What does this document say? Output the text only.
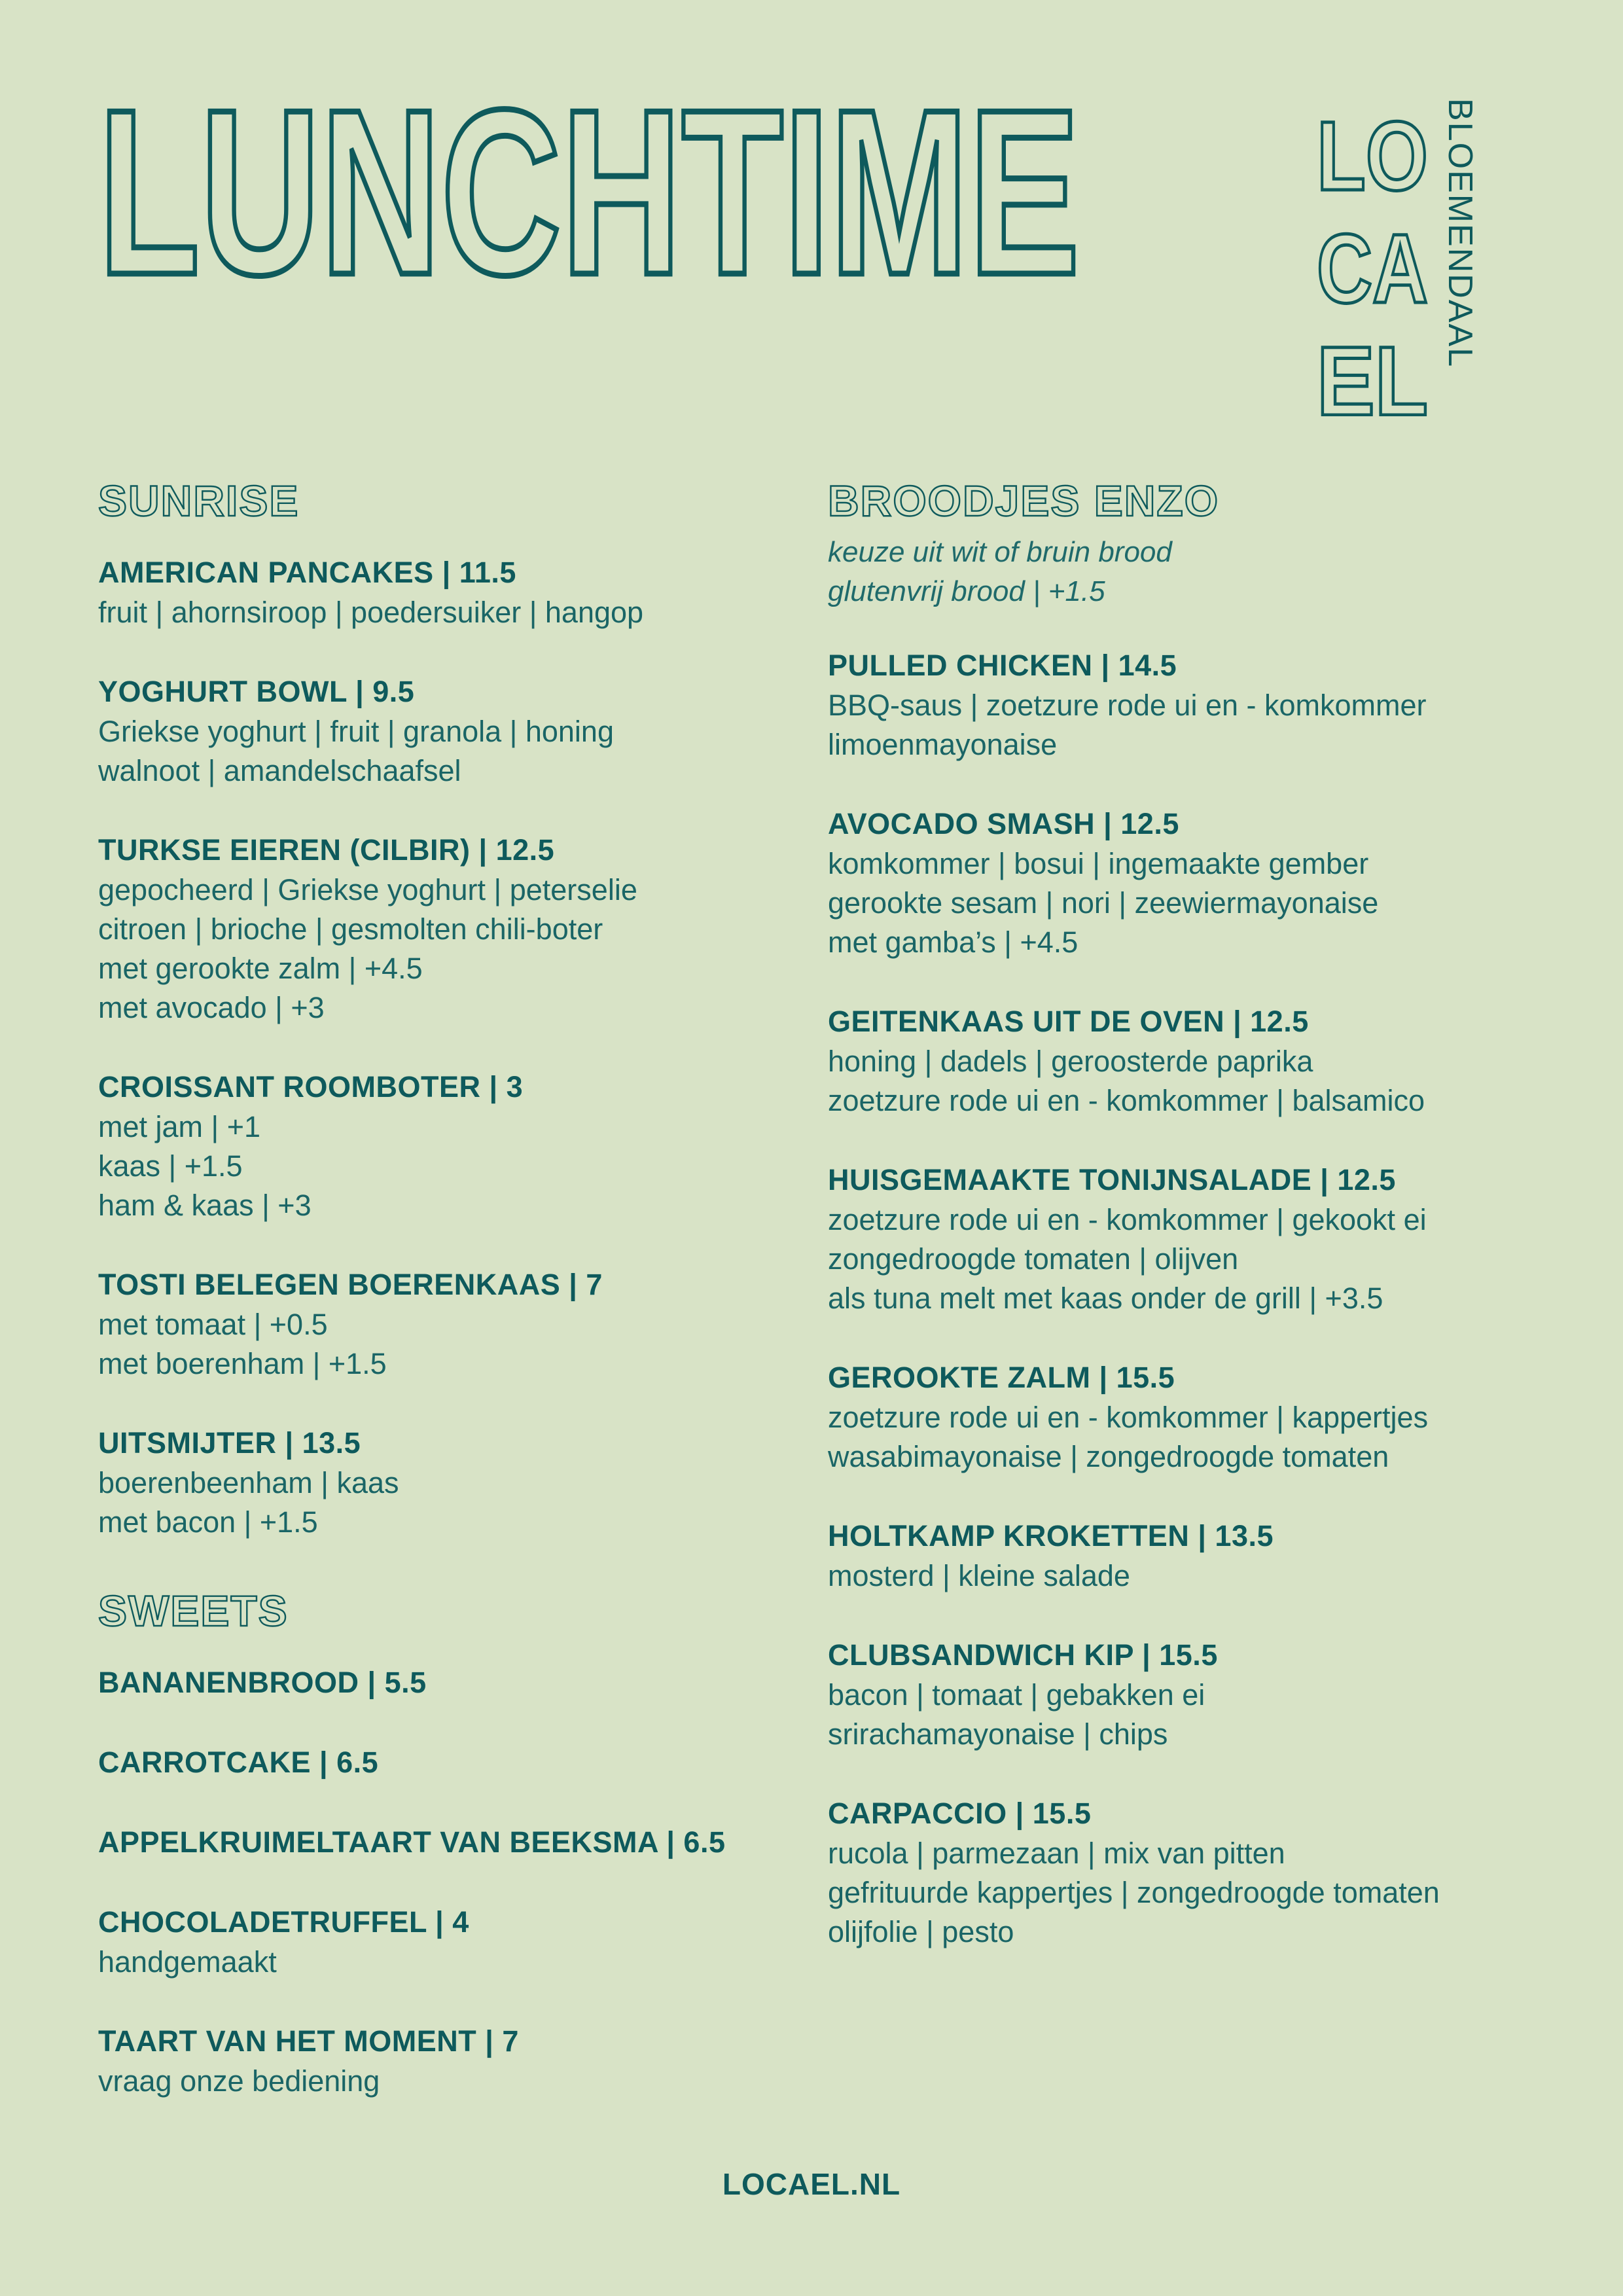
LUNCHTIME LO
CA
EL
BLOEMENDAAL
SUNRISE
AMERICAN PANCAKES | 11.5
fruit | ahornsiroop | poedersuiker | hangop
YOGHURT BOWL | 9.5
Griekse yoghurt | fruit | granola | honing
walnoot | amandelschaafsel
TURKSE EIEREN (CILBIR) | 12.5
gepocheerd | Griekse yoghurt | peterselie
citroen | brioche | gesmolten chili-boter
met gerookte zalm | +4.5
met avocado | +3
CROISSANT ROOMBOTER | 3
met jam | +1
kaas | +1.5
ham & kaas | +3
TOSTI BELEGEN BOERENKAAS | 7
met tomaat | +0.5
met boerenham | +1.5
UITSMIJTER | 13.5
boerenbeenham | kaas
met bacon | +1.5
SWEETS
BANANENBROOD | 5.5
CARROTCAKE | 6.5
APPELKRUIMELTAART VAN BEEKSMA | 6.5
CHOCOLADETRUFFEL | 4
handgemaakt
TAART VAN HET MOMENT | 7
vraag onze bediening
BROODJES ENZO
keuze uit wit of bruin brood
glutenvrij brood | +1.5
PULLED CHICKEN | 14.5
BBQ-saus | zoetzure rode ui en - komkommer
limoenmayonaise
AVOCADO SMASH | 12.5
komkommer | bosui | ingemaakte gember
gerookte sesam | nori | zeewiermayonaise
met gamba’s | +4.5
GEITENKAAS UIT DE OVEN | 12.5
honing | dadels | geroosterde paprika
zoetzure rode ui en - komkommer | balsamico
HUISGEMAAKTE TONIJNSALADE | 12.5
zoetzure rode ui en - komkommer | gekookt ei
zongedroogde tomaten | olijven
als tuna melt met kaas onder de grill | +3.5
GEROOKTE ZALM | 15.5
zoetzure rode ui en - komkommer | kappertjes
wasabimayonaise | zongedroogde tomaten
HOLTKAMP KROKETTEN | 13.5
mosterd | kleine salade
CLUBSANDWICH KIP | 15.5
bacon | tomaat | gebakken ei
srirachamayonaise | chips
CARPACCIO | 15.5
rucola | parmezaan | mix van pitten
gefrituurde kappertjes | zongedroogde tomaten
olijfolie | pesto
LOCAEL.NL
